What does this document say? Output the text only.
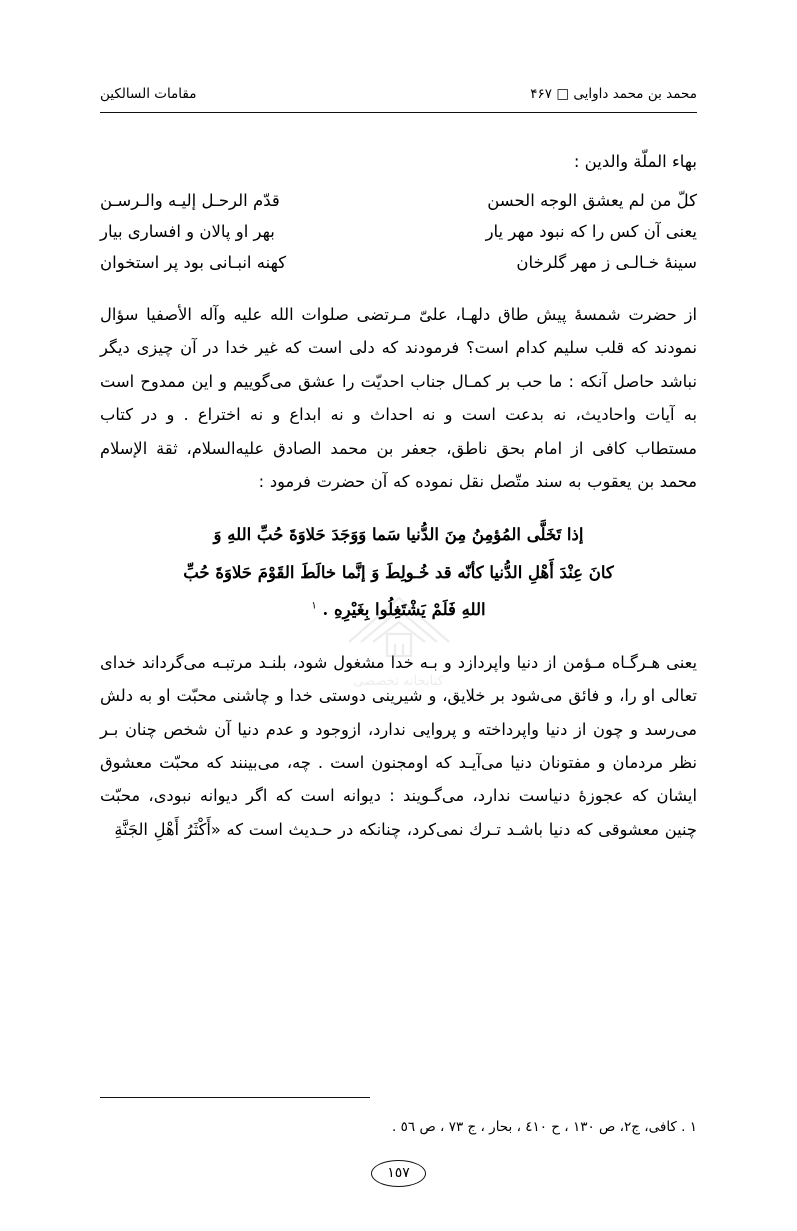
محمد بن محمد داوايى □ ۴۶۷
مقامات السالكين
كتابخانه تخصصى
بهاء الملّة والدين :
كلّ من لم يعشق الوجه الحسن	قدّم الرحـل إليـه والـرسـن
يعنى آن كس را كه نبود مهر يار	بهر او پالان و افسارى بيار
سينهٔ خـالـى ز مهر گلرخان	كهنه انبـانى بود پر استخوان

از حضرت شمسهٔ پيش طاق دلهـا، علىّ مـرتضى صلوات الله عليه وآله الأصفيا سؤال نمودند كه قلب سليم كدام است؟ فرمودند كه دلى است كه غير خدا در آن چيزى ديگر نباشد حاصل آنكه : ما حب بر كمـال جناب احديّت را عشق مى‌گوييم و اين ممدوح است به آيات واحاديث، نه بدعت است و نه احداث و نه ابداع و نه اختراع . و در كتاب مستطاب كافى از امام بحق ناطق، جعفر بن محمد الصادق عليه‌السلام، ثقة الإسلام محمد بن يعقوب به سند متّصل نقل نموده كه آن حضرت فرمود :

إذا تَخَلَّى المُؤمِنُ مِنَ الدُّنيا سَما وَوَجَدَ حَلاوَةَ حُبِّ اللهِ وَ
كانَ عِنْدَ أَهْلِ الدُّنيا كأنّه قد خُـولِطَ وَ إنَّما خالَطَ القَوْمَ حَلاوَةَ حُبِّ
اللهِ فَلَمْ يَشْتَغِلُوا بِغَيْرِهِ . $^١$

يعنى هـرگـاه مـؤمن از دنيا واپردازد و بـه خدا مشغول شود، بلنـد مرتبـه مى‌گرداند خداى تعالى او را، و فائق مى‌شود بر خلايق، و شيرينى دوستى خدا و چاشنى محبّت او به دلش مى‌رسد و چون از دنيا واپرداخته و پروايى ندارد، ازوجود و عدم دنيا آن شخص چنان بـر نظر مردمان و مفتونان دنيا مى‌آيـد كه اومجنون است . چه، مى‌بينند كه محبّت معشوق ايشان كه عجوزهٔ دنياست ندارد، مى‌گـويند : ديوانه است كه اگر ديوانه نبودى، محبّت چنين معشوقى كه دنيا باشـد تـرك نمى‌كرد، چنانكه در حـديث است كه «أَكْثَرُ أَهْلِ الجَنَّةِ

١ . كافى، ج٢، ص ١٣٠ ، ح ٤١٠ ، بحار ، ج ٧٣ ، ص ٥٦ .
١٥٧
